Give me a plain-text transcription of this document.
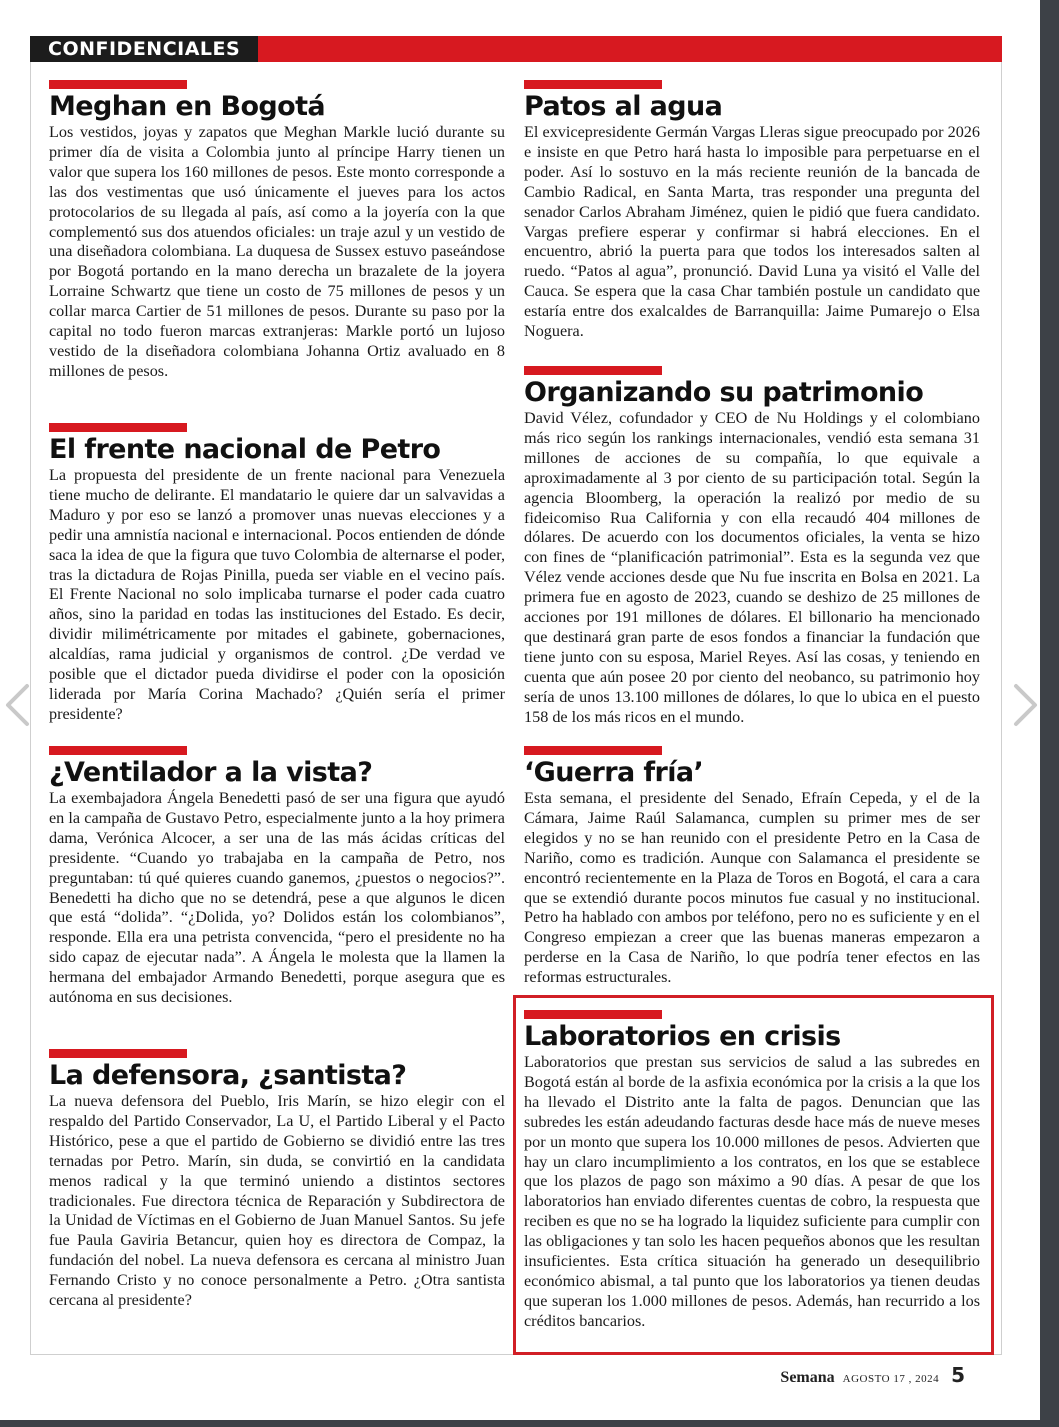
CONFIDENCIALES
Meghan en Bogotá

Los vestidos, joyas y zapatos que Meghan Markle lució durante su primer día de visita a Colombia junto al príncipe Harry tienen un valor que supera los 160 millones de pesos. Este monto corresponde a las dos vestimentas que usó únicamente el jueves para los actos protocolarios de su llegada al país, así como a la joyería con la que complementó sus dos atuendos oficiales: un traje azul y un vestido de una diseñadora colombiana. La duquesa de Sussex estuvo paseándose por Bogotá portando en la mano derecha un brazalete de la joyera Lorraine Schwartz que tiene un costo de 75 millones de pesos y un collar marca Cartier de 51 millones de pesos. Durante su paso por la capital no todo fueron marcas extranjeras: Markle portó un lujoso vestido de la diseñadora colombiana Johanna Ortiz avaluado en 8 millones de pesos.

El frente nacional de Petro

La propuesta del presidente de un frente nacional para Venezuela tiene mucho de delirante. El mandatario le quiere dar un salvavidas a Maduro y por eso se lanzó a promover unas nuevas elecciones y a pedir una amnistía nacional e internacional. Pocos entienden de dónde saca la idea de que la figura que tuvo Colombia de alternarse el poder, tras la dictadura de Rojas Pinilla, pueda ser viable en el vecino país. El Frente Nacional no solo implicaba turnarse el poder cada cuatro años, sino la paridad en todas las instituciones del Estado. Es decir, dividir milimétricamente por mitades el gabinete, gobernaciones, alcaldías, rama judicial y organismos de control. ¿De verdad ve posible que el dictador pueda dividirse el poder con la oposición liderada por María Corina Machado? ¿Quién sería el primer presidente?

¿Ventilador a la vista?

La exembajadora Ángela Benedetti pasó de ser una figura que ayudó en la campaña de Gustavo Petro, especialmente junto a la hoy primera dama, Verónica Alcocer, a ser una de las más ácidas críticas del presidente. “Cuando yo trabajaba en la campaña de Petro, nos preguntaban: tú qué quieres cuando ganemos, ¿puestos o negocios?”. Benedetti ha dicho que no se detendrá, pese a que algunos le dicen que está “dolida”. “¿Dolida, yo? Dolidos están los colombianos”, responde. Ella era una petrista convencida, “pero el presidente no ha sido capaz de ejecutar nada”. A Ángela le molesta que la llamen la hermana del embajador Armando Benedetti, porque asegura que es autónoma en sus decisiones.

La defensora, ¿santista?

La nueva defensora del Pueblo, Iris Marín, se hizo elegir con el respaldo del Partido Conservador, La U, el Partido Liberal y el Pacto Histórico, pese a que el partido de Gobierno se dividió entre las tres ternadas por Petro. Marín, sin duda, se convirtió en la candidata menos radical y la que terminó uniendo a distintos sectores tradicionales. Fue directora técnica de Reparación y Subdirectora de la Unidad de Víctimas en el Gobierno de Juan Manuel Santos. Su jefe fue Paula Gaviria Betancur, quien hoy es directora de Compaz, la fundación del nobel. La nueva defensora es cercana al ministro Juan Fernando Cristo y no conoce personalmente a Petro. ¿Otra santista cercana al presidente?

Patos al agua

El exvicepresidente Germán Vargas Lleras sigue preocupado por 2026 e insiste en que Petro hará hasta lo imposible para perpetuarse en el poder. Así lo sostuvo en la más reciente reunión de la bancada de Cambio Radical, en Santa Marta, tras responder una pregunta del senador Carlos Abraham Jiménez, quien le pidió que fuera candidato. Vargas prefiere esperar y confirmar si habrá elecciones. En el encuentro, abrió la puerta para que todos los interesados salten al ruedo. “Patos al agua”, pronunció. David Luna ya visitó el Valle del Cauca. Se espera que la casa Char también postule un candidato que estaría entre dos exalcaldes de Barranquilla: Jaime Pumarejo o Elsa Noguera.

Organizando su patrimonio

David Vélez, cofundador y CEO de Nu Holdings y el colombiano más rico según los rankings internacionales, vendió esta semana 31 millones de acciones de su compañía, lo que equivale a aproximadamente al 3 por ciento de su participación total. Según la agencia Bloomberg, la operación la realizó por medio de su fideicomiso Rua California y con ella recaudó 404 millones de dólares. De acuerdo con los documentos oficiales, la venta se hizo con fines de “planificación patrimonial”. Esta es la segunda vez que Vélez vende acciones desde que Nu fue inscrita en Bolsa en 2021. La primera fue en agosto de 2023, cuando se deshizo de 25 millones de acciones por 191 millones de dólares. El billonario ha mencionado que destinará gran parte de esos fondos a financiar la fundación que tiene junto con su esposa, Mariel Reyes. Así las cosas, y teniendo en cuenta que aún posee 20 por ciento del neobanco, su patrimonio hoy sería de unos 13.100 millones de dólares, lo que lo ubica en el puesto 158 de los más ricos en el mundo.

‘Guerra fría’

Esta semana, el presidente del Senado, Efraín Cepeda, y el de la Cámara, Jaime Raúl Salamanca, cumplen su primer mes de ser elegidos y no se han reunido con el presidente Petro en la Casa de Nariño, como es tradición. Aunque con Salamanca el presidente se encontró recientemente en la Plaza de Toros en Bogotá, el cara a cara que se extendió durante pocos minutos fue casual y no institucional. Petro ha hablado con ambos por teléfono, pero no es suficiente y en el Congreso empiezan a creer que las buenas maneras empezaron a perderse en la Casa de Nariño, lo que podría tener efectos en las reformas estructurales.

Laboratorios en crisis

Laboratorios que prestan sus servicios de salud a las subredes en Bogotá están al borde de la asfixia económica por la crisis a la que los ha llevado el Distrito ante la falta de pagos. Denuncian que las subredes les están adeudando facturas desde hace más de nueve meses por un monto que supera los 10.000 millones de pesos. Advierten que hay un claro incumplimiento a los contratos, en los que se establece que los plazos de pago son máximo a 90 días. A pesar de que los laboratorios han enviado diferentes cuentas de cobro, la respuesta que reciben es que no se ha logrado la liquidez suficiente para cumplir con las obligaciones y tan solo les hacen pequeños abonos que les resultan insuficientes. Esta crítica situación ha generado un desequilibrio económico abismal, a tal punto que los laboratorios ya tienen deudas que superan los 1.000 millones de pesos. Además, han recurrido a los créditos bancarios.

Semana AGOSTO 17 , 2024 5
